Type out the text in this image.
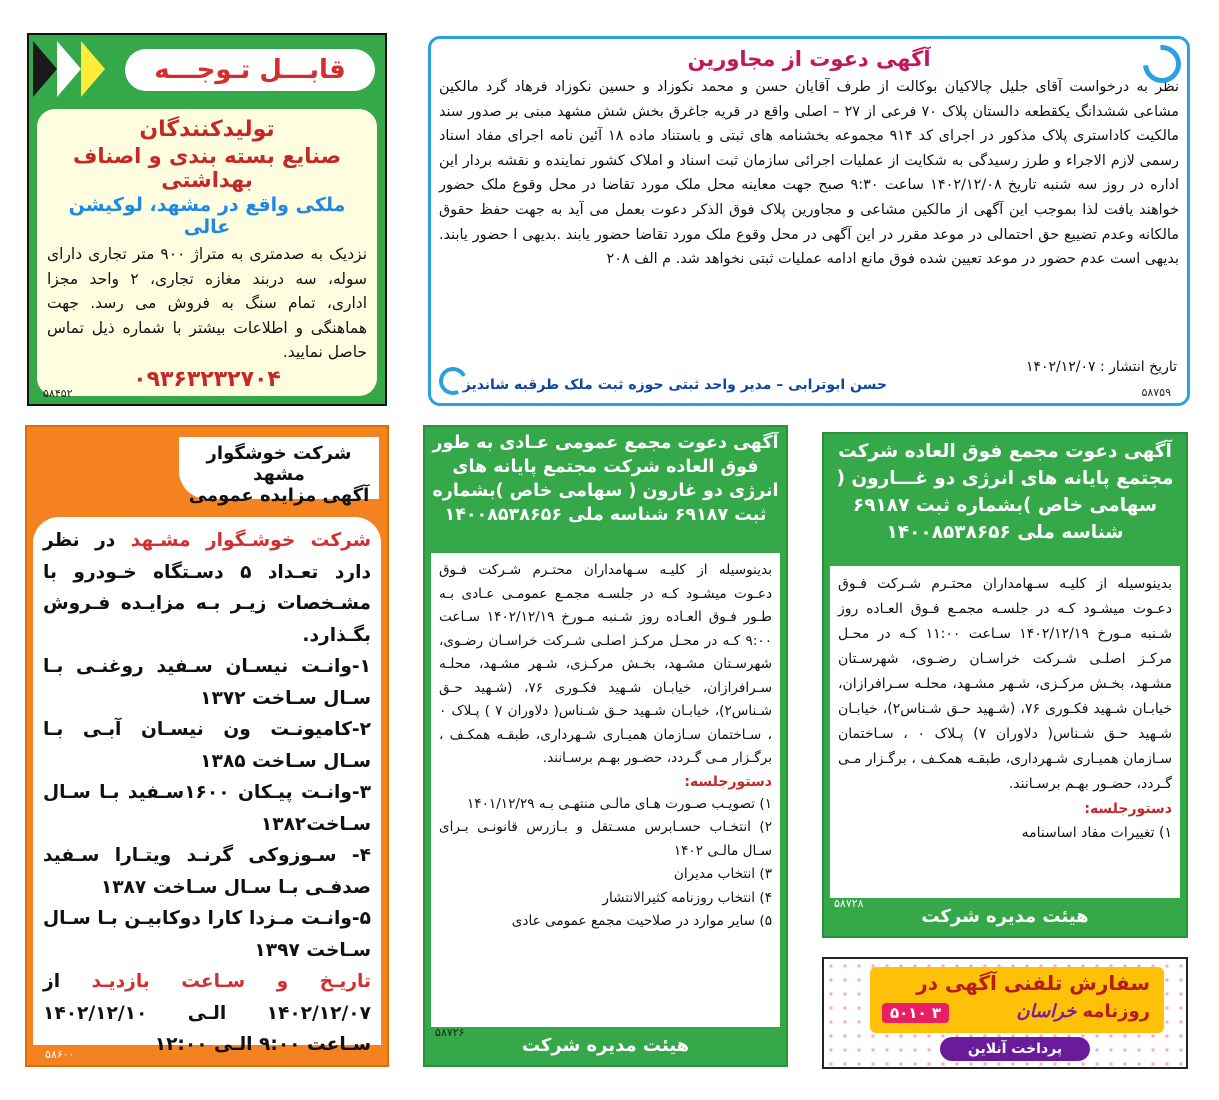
آگهی دعوت از مجاورین
نظر به درخواست آقای جلیل چالاکیان بوکالت از طرف آقایان حسن و محمد نکوزاد و حسین نکوزاد فرهاد گرد مالکین مشاعی ششدانگ یکقطعه دالستان پلاک ۷۰ فرعی از ۲۷ – اصلی واقع در قریه جاغرق بخش شش مشهد مبنی بر صدور سند مالکیت کاداستری پلاک مذکور در اجرای کد ۹۱۴ مجموعه بخشنامه های ثبتی و باستناد ماده ۱۸ آئین نامه اجرای مفاد اسناد رسمی لازم الاجراء و طرز رسیدگی به شکایت از عملیات اجرائی سازمان ثبت اسناد و املاک کشور نماینده و نقشه بردار این اداره در روز سه شنبه تاریخ ۱۴۰۲/۱۲/۰۸ ساعت ۹:۳۰ صبح جهت معاینه محل ملک مورد تقاضا در محل وقوع ملک حضور خواهند یافت لذا بموجب این آگهی از مالکین مشاعی و مجاورین پلاک فوق الذکر دعوت بعمل می آید به جهت حفظ حقوق مالکانه وعدم تضییع حق احتمالی در موعد مقرر در این آگهی در محل وقوع ملک مورد تقاضا حضور یابند .بدیهی ا حضور یابند. بدیهی است عدم حضور در موعد تعیین شده فوق مانع ادامه عملیات ثبتی نخواهد شد. م الف ۲۰۸
تاریخ انتشار : ۱۴۰۲/۱۲/۰۷
حسن ابوترابی – مدیر واحد ثبتی حوزه ثبت ملک طرقبه شاندیز	۵۸۷۵۹
قابـــل تـوجـــه
تولیدکنندگان
صنایع بسته بندی و اصناف بهداشتی
ملکی واقع در مشهد، لوکیشن عالی
نزدیک به صدمتری به متراژ ۹۰۰ متر تجاری دارای سوله، سه دربند مغازه تجاری، ۲ واحد مجزا اداری، تمام سنگ به فروش می رسد. جهت هماهنگی و اطلاعات بیشتر با شماره ذیل تماس حاصل نمایید.
۰۹۳۶۳۲۳۲۷۰۴
۵۸۴۵۲
شرکت خوشگوار مشهد
آگهی مزایده عمومی
شرکت خوشـگوار مشـهد در نظر دارد تعـداد ۵ دسـتگاه خـودرو با مشـخصات زیـر بـه مزایـده فـروش بگـذارد.
۱-وانـت نیسـان سـفید روغنـی بـا سـال سـاخت ۱۳۷۲
۲-کامیونـت ون نیسـان آبـی بـا سـال سـاخت ۱۳۸۵
۳-وانـت پیـکان ۱۶۰۰سـفید بـا سـال سـاخت۱۳۸۲
۴- سـوزوکی گرنـد ویتـارا سـفید صدفـی بـا سـال سـاخت ۱۳۸۷
۵-وانـت مـزدا کارا دوکابیـن بـا سـال سـاخت ۱۳۹۷
تاریـخ و سـاعت بازدیـد از ۱۴۰۲/۱۲/۰۷ الـی ۱۴۰۲/۱۲/۱۰ سـاعت ۹:۰۰ الـی ۱۲:۰۰
۵۸۶۰۰
آگهی دعوت مجمع عمومی عـادی به طور فوق العاده شرکت مجتمع پایانه های انرژی دو غارون ( سهامی خاص )بشماره ثبت ۶۹۱۸۷ شناسه ملی ۱۴۰۰۸۵۳۸۶۵۶
بدینوسیله از کلیـه سـهامداران محتـرم شـرکت فـوق دعـوت میشـود کـه در جلسـه مجمـع عمومـی عـادی بـه طـور فـوق العـاده روز شـنبه مـورخ ۱۴۰۲/۱۲/۱۹ سـاعت ۹:۰۰ کـه در محـل مرکـز اصلـی شـرکت خراسـان رضـوی، شهرسـتان مشـهد، بخـش مرکـزی، شـهر مشـهد، محلـه سـرافرازان، خیابـان شـهید فکـوری ۷۶، (شـهید حـق شـناس۲)، خیابـان شـهید حـق شـناس( دلاوران ۷ ) پـلاک ۰ ، سـاختمان سـازمان همیـاری شـهرداری، طبقـه همکـف ، برگـزار مـی گـردد، حضـور بهـم برسـانند.
دستورجلسه:
۱) تصویـب صـورت هـای مالـی منتهـی بـه ۱۴۰۱/۱۲/۲۹
۲) انتخـاب حسـابرس مسـتقل و بـازرس قانونـی بـرای سـال مالـی ۱۴۰۲
۳) انتخاب مدیران
۴) انتخاب روزنامه کثیرالانتشار
۵) سایر موارد در صلاحیت مجمع عمومی عادی
۵۸۷۲۶
هیئت مدیره شرکت
آگهی دعوت مجمع فوق العاده شرکت مجتمع پایانه های انرژی دو غـــارون ( سهامی خاص )بشماره ثبت ۶۹۱۸۷ شناسه ملی ۱۴۰۰۸۵۳۸۶۵۶
بدینوسیله از کلیـه سـهامداران محتـرم شـرکت فـوق دعـوت میشـود کـه در جلسـه مجمـع فـوق العـاده روز شـنبه مـورخ ۱۴۰۲/۱۲/۱۹ سـاعت ۱۱:۰۰ کـه در محـل مرکـز اصلـی شـرکت خراسـان رضـوی، شهرسـتان مشـهد، بخـش مرکـزی، شـهر مشـهد، محلـه سـرافرازان، خیابـان شـهید فکـوری ۷۶، (شـهید حـق شـناس۲)، خیابـان شـهید حـق شـناس( دلاوران ۷) پـلاک ۰ ، سـاختمان سـازمان همیـاری شـهرداری، طبقـه همکـف ، برگـزار مـی گـردد، حضـور بهـم برسـانند.
دستورجلسه:
۱) تغییرات مفاد اساسنامه
۵۸۷۲۸
هیئت مدیره شرکت
سفارش تلفنی آگهی در
روزنامه خراسان
۳ ۵۰۱۰
پرداخت آنلاین
